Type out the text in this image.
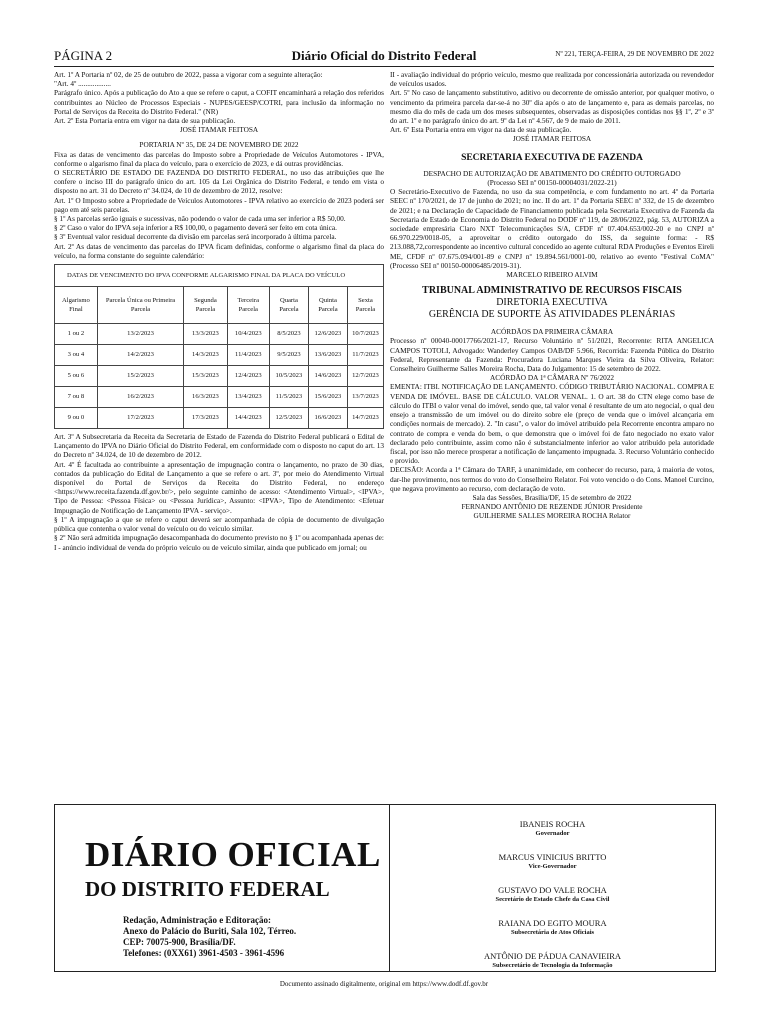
PÁGINA 2	Diário Oficial do Distrito Federal	Nº 221, TERÇA-FEIRA, 29 DE NOVEMBRO DE 2022

Art. 1º A Portaria nº 02, de 25 de outubro de 2022, passa a vigorar com a seguinte alteração:

"Art. 4º ..................

Parágrafo único. Após a publicação do Ato a que se refere o caput, a COFIT encaminhará a relação dos referidos contribuintes ao Núcleo de Processos Especiais - NUPES/GEESP/COTRI, para inclusão da informação no Portal de Serviços da Receita do Distrito Federal." (NR)

Art. 2º Esta Portaria entra em vigor na data de sua publicação.

JOSÉ ITAMAR FEITOSA

PORTARIA Nº 35, DE 24 DE NOVEMBRO DE 2022

Fixa as datas de vencimento das parcelas do Imposto sobre a Propriedade de Veículos Automotores - IPVA, conforme o algarismo final da placa do veículo, para o exercício de 2023, e dá outras providências.

O SECRETÁRIO DE ESTADO DE FAZENDA DO DISTRITO FEDERAL, no uso das atribuições que lhe confere o inciso III do parágrafo único do art. 105 da Lei Orgânica do Distrito Federal, e tendo em vista o disposto no art. 31 do Decreto nº 34.024, de 10 de dezembro de 2012, resolve:

Art. 1º O Imposto sobre a Propriedade de Veículos Automotores - IPVA relativo ao exercício de 2023 poderá ser pago em até seis parcelas.

§ 1º As parcelas serão iguais e sucessivas, não podendo o valor de cada uma ser inferior a R$ 50,00.

§ 2º Caso o valor do IPVA seja inferior a R$ 100,00, o pagamento deverá ser feito em cota única.

§ 3º Eventual valor residual decorrente da divisão em parcelas será incorporado à última parcela.

Art. 2º As datas de vencimento das parcelas do IPVA ficam definidas, conforme o algarismo final da placa do veículo, na forma constante do seguinte calendário:

DATAS DE VENCIMENTO DO IPVA CONFORME ALGARISMO FINAL DA PLACA DO VEÍCULO						
Algarismo Final	Parcela Única ou Primeira Parcela	Segunda Parcela	Terceira Parcela	Quarta Parcela	Quinta Parcela	Sexta Parcela
1 ou 2	13/2/2023	13/3/2023	10/4/2023	8/5/2023	12/6/2023	10/7/2023
3 ou 4	14/2/2023	14/3/2023	11/4/2023	9/5/2023	13/6/2023	11/7/2023
5 ou 6	15/2/2023	15/3/2023	12/4/2023	10/5/2023	14/6/2023	12/7/2023
7 ou 8	16/2/2023	16/3/2023	13/4/2023	11/5/2023	15/6/2023	13/7/2023
9 ou 0	17/2/2023	17/3/2023	14/4/2023	12/5/2023	16/6/2023	14/7/2023

Art. 3º A Subsecretaria da Receita da Secretaria de Estado de Fazenda do Distrito Federal publicará o Edital de Lançamento do IPVA no Diário Oficial do Distrito Federal, em conformidade com o disposto no caput do art. 13 do Decreto nº 34.024, de 10 de dezembro de 2012.

Art. 4º É facultada ao contribuinte a apresentação de impugnação contra o lançamento, no prazo de 30 dias, contados da publicação do Edital de Lançamento a que se refere o art. 3º, por meio do Atendimento Virtual disponível do Portal de Serviços da Receita do Distrito Federal, no endereço <https://www.receita.fazenda.df.gov.br/>, pelo seguinte caminho de acesso: <Atendimento Virtual>, <IPVA>, Tipo de Pessoa: <Pessoa Física> ou <Pessoa Jurídica>, Assunto: <IPVA>, Tipo de Atendimento: <Efetuar Impugnação de Notificação de Lançamento IPVA - serviço>.

§ 1º A impugnação a que se refere o caput deverá ser acompanhada de cópia de documento de divulgação pública que contenha o valor venal do veículo ou do veículo similar.

§ 2º Não será admitida impugnação desacompanhada do documento previsto no § 1º ou acompanhada apenas de:

I - anúncio individual de venda do próprio veículo ou de veículo similar, ainda que publicado em jornal; ou

II - avaliação individual do próprio veículo, mesmo que realizada por concessionária autorizada ou revendedor de veículos usados.

Art. 5º No caso de lançamento substitutivo, aditivo ou decorrente de omissão anterior, por qualquer motivo, o vencimento da primeira parcela dar-se-á no 30º dia após o ato de lançamento e, para as demais parcelas, no mesmo dia do mês de cada um dos meses subsequentes, observadas as disposições contidas nos §§ 1º, 2º e 3º do art. 1º e no parágrafo único do art. 9º da Lei nº 4.567, de 9 de maio de 2011.

Art. 6º Esta Portaria entra em vigor na data de sua publicação.

JOSÉ ITAMAR FEITOSA

SECRETARIA EXECUTIVA DE FAZENDA

DESPACHO DE AUTORIZAÇÃO DE ABATIMENTO DO CRÉDITO OUTORGADO

(Processo SEI nº 00150-00004031/2022-21)

O Secretário-Executivo de Fazenda, no uso da sua competência, e com fundamento no art. 4º da Portaria SEEC nº 170/2021, de 17 de junho de 2021; no inc. II do art. 1º da Portaria SEEC nº 332, de 15 de dezembro de 2021; e na Declaração de Capacidade de Financiamento publicada pela Secretaria Executiva de Fazenda da Secretaria de Estado de Economia do Distrito Federal no DODF nº 119, de 28/06/2022, pág. 53, AUTORIZA a sociedade empresária Claro NXT Telecomunicações S/A, CFDF nº 07.404.653/002-20 e no CNPJ nº 66.970.229/0018-05, a aproveitar o crédito outorgado do ISS, da seguinte forma: - R$ 213.088,72,correspondente ao incentivo cultural concedido ao agente cultural RDA Produções e Eventos Eireli ME, CFDF nº 07.675.094/001-89 e CNPJ nº 19.894.561/0001-00, relativo ao evento "Festival CoMA" (Processo SEI nº 00150-00006485/2019-31).

MARCELO RIBEIRO ALVIM

TRIBUNAL ADMINISTRATIVO DE RECURSOS FISCAIS

DIRETORIA EXECUTIVA

GERÊNCIA DE SUPORTE ÀS ATIVIDADES PLENÁRIAS

ACÓRDÃOS DA PRIMEIRA CÂMARA

Processo nº 00040-00017766/2021-17, Recurso Voluntário nº 51/2021, Recorrente: RITA ANGELICA CAMPOS TOTOLI, Advogado: Wanderley Campos OAB/DF 5.966, Recorrida: Fazenda Pública do Distrito Federal, Representante da Fazenda: Procuradora Luciana Marques Vieira da Silva Oliveira, Relator: Conselheiro Guilherme Salles Moreira Rocha, Data do Julgamento: 15 de setembro de 2022.

ACÓRDÃO DA 1ª CÂMARA Nº 76/2022

EMENTA: ITBI. NOTIFICAÇÃO DE LANÇAMENTO. CÓDIGO TRIBUTÁRIO NACIONAL. COMPRA E VENDA DE IMÓVEL. BASE DE CÁLCULO. VALOR VENAL. 1. O art. 38 do CTN elege como base de cálculo do ITBI o valor venal do imóvel, sendo que, tal valor venal é resultante de um ato negocial, o qual deu ensejo a transmissão de um imóvel ou do direito sobre ele (preço de venda que o imóvel alcançaria em condições normais de mercado). 2. "In casu", o valor do imóvel atribuído pela Recorrente encontra amparo no contrato de compra e venda do bem, o que demonstra que o imóvel foi de fato negociado no exato valor declarado pelo contribuinte, assim como não é substancialmente inferior ao valor atribuído pela autoridade fiscal, por isso não merece prosperar a notificação de lançamento impugnada. 3. Recurso Voluntário conhecido e provido.

DECISÃO: Acorda a 1ª Câmara do TARF, à unanimidade, em conhecer do recurso, para, à maioria de votos, dar-lhe provimento, nos termos do voto do Conselheiro Relator. Foi voto vencido o do Cons. Manoel Curcino, que negava provimento ao recurso, com declaração de voto.

Sala das Sessões, Brasília/DF, 15 de setembro de 2022

FERNANDO ANTÔNIO DE REZENDE JÚNIOR Presidente

GUILHERME SALLES MOREIRA ROCHA Relator

DIÁRIO OFICIAL
DO DISTRITO FEDERAL
Redação, Administração e Editoração:
Anexo do Palácio do Buriti, Sala 102, Térreo.
CEP: 70075-900, Brasília/DF.
Telefones: (0XX61) 3961-4503 - 3961-4596
IBANEIS ROCHA
Governador
MARCUS VINICIUS BRITTO
Vice-Governador
GUSTAVO DO VALE ROCHA
Secretário de Estado Chefe da Casa Civil
RAIANA DO EGITO MOURA
Subsecretária de Atos Oficiais
ANTÔNIO DE PÁDUA CANAVIEIRA
Subsecretário de Tecnologia da Informação
Documento assinado digitalmente, original em https://www.dodf.df.gov.br
